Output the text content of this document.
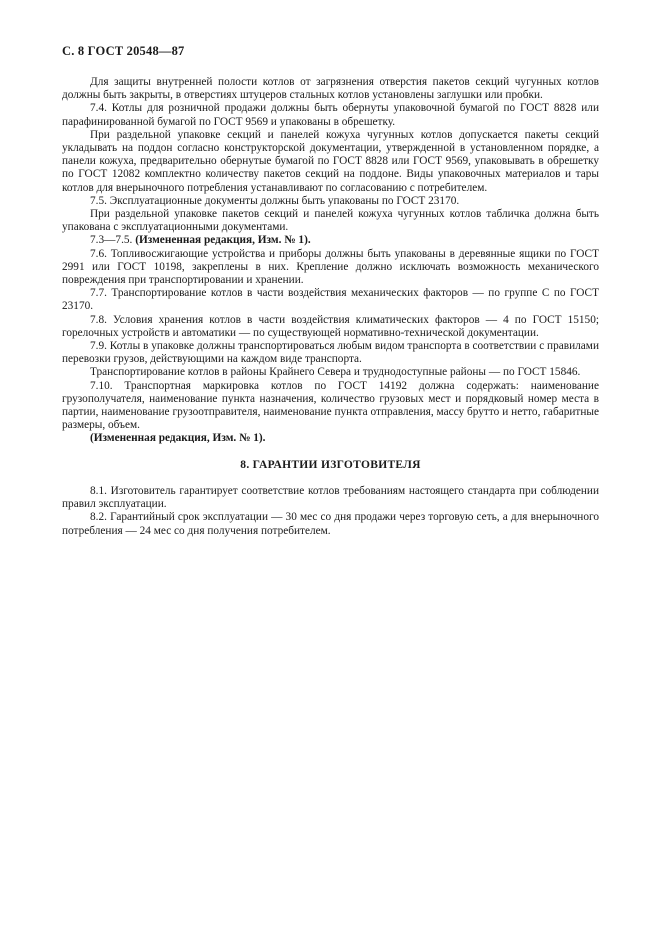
С. 8 ГОСТ 20548—87

Для защиты внутренней полости котлов от загрязнения отверстия пакетов секций чугунных котлов должны быть закрыты, в отверстиях штуцеров стальных котлов установлены заглушки или пробки.

7.4. Котлы для розничной продажи должны быть обернуты упаковочной бумагой по ГОСТ 8828 или парафинированной бумагой по ГОСТ 9569 и упакованы в обрешетку.

При раздельной упаковке секций и панелей кожуха чугунных котлов допускается пакеты секций укладывать на поддон согласно конструкторской документации, утвержденной в установленном порядке, а панели кожуха, предварительно обернутые бумагой по ГОСТ 8828 или ГОСТ 9569, упаковывать в обрешетку по ГОСТ 12082 комплектно количеству пакетов секций на поддоне. Виды упаковочных материалов и тары котлов для внерыночного потребления устанавливают по согласованию с потребителем.

7.5. Эксплуатационные документы должны быть упакованы по ГОСТ 23170.

При раздельной упаковке пакетов секций и панелей кожуха чугунных котлов табличка должна быть упакована с эксплуатационными документами.

7.3—7.5. (Измененная редакция, Изм. № 1).

7.6. Топливосжигающие устройства и приборы должны быть упакованы в деревянные ящики по ГОСТ 2991 или ГОСТ 10198, закреплены в них. Крепление должно исключать возможность механического повреждения при транспортировании и хранении.

7.7. Транспортирование котлов в части воздействия механических факторов — по группе С по ГОСТ 23170.

7.8. Условия хранения котлов в части воздействия климатических факторов — 4 по ГОСТ 15150; горелочных устройств и автоматики — по существующей нормативно-технической документации.

7.9. Котлы в упаковке должны транспортироваться любым видом транспорта в соответствии с правилами перевозки грузов, действующими на каждом виде транспорта.

Транспортирование котлов в районы Крайнего Севера и труднодоступные районы — по ГОСТ 15846.

7.10. Транспортная маркировка котлов по ГОСТ 14192 должна содержать: наименование грузополучателя, наименование пункта назначения, количество грузовых мест и порядковый номер места в партии, наименование грузоотправителя, наименование пункта отправления, массу брутто и нетто, габаритные размеры, объем.

(Измененная редакция, Изм. № 1).

8. ГАРАНТИИ ИЗГОТОВИТЕЛЯ

8.1. Изготовитель гарантирует соответствие котлов требованиям настоящего стандарта при соблюдении правил эксплуатации.

8.2. Гарантийный срок эксплуатации — 30 мес со дня продажи через торговую сеть, а для внерыночного потребления — 24 мес со дня получения потребителем.
